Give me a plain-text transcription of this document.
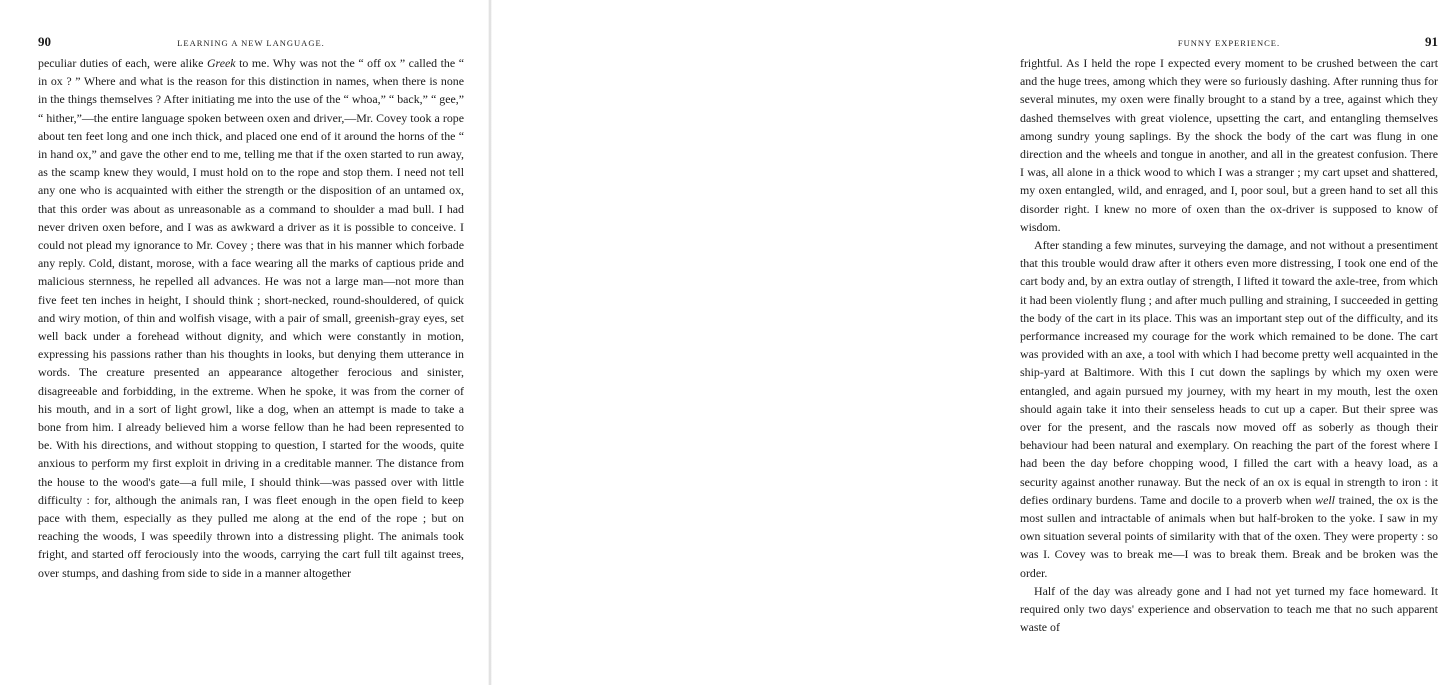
90	LEARNING A NEW LANGUAGE.

peculiar duties of each, were alike Greek to me. Why was not the “ off ox ” called the “ in ox ? ” Where and what is the reason for this distinction in names, when there is none in the things themselves ? After initiating me into the use of the “ whoa,” “ back,” “ gee,” “ hither,”—the entire language spoken between oxen and driver,—Mr. Covey took a rope about ten feet long and one inch thick, and placed one end of it around the horns of the “ in hand ox,” and gave the other end to me, telling me that if the oxen started to run away, as the scamp knew they would, I must hold on to the rope and stop them. I need not tell any one who is acquainted with either the strength or the disposition of an untamed ox, that this order was about as unreasonable as a command to shoulder a mad bull. I had never driven oxen before, and I was as awkward a driver as it is possible to conceive. I could not plead my ignorance to Mr. Covey ; there was that in his manner which forbade any reply. Cold, distant, morose, with a face wearing all the marks of captious pride and malicious sternness, he repelled all advances. He was not a large man—not more than five feet ten inches in height, I should think ; short-necked, round-shouldered, of quick and wiry motion, of thin and wolfish visage, with a pair of small, greenish-gray eyes, set well back under a forehead without dignity, and which were constantly in motion, expressing his passions rather than his thoughts in looks, but denying them utterance in words. The creature presented an appearance altogether ferocious and sinister, disagreeable and forbidding, in the extreme. When he spoke, it was from the corner of his mouth, and in a sort of light growl, like a dog, when an attempt is made to take a bone from him. I already believed him a worse fellow than he had been represented to be. With his directions, and without stopping to question, I started for the woods, quite anxious to perform my first exploit in driving in a creditable manner. The distance from the house to the wood's gate—a full mile, I should think—was passed over with little difficulty : for, although the animals ran, I was fleet enough in the open field to keep pace with them, especially as they pulled me along at the end of the rope ; but on reaching the woods, I was speedily thrown into a distressing plight. The animals took fright, and started off ferociously into the woods, carrying the cart full tilt against trees, over stumps, and dashing from side to side in a manner altogether

FUNNY EXPERIENCE.	91

frightful. As I held the rope I expected every moment to be crushed between the cart and the huge trees, among which they were so furiously dashing. After running thus for several minutes, my oxen were finally brought to a stand by a tree, against which they dashed themselves with great violence, upsetting the cart, and entangling themselves among sundry young saplings. By the shock the body of the cart was flung in one direction and the wheels and tongue in another, and all in the greatest confusion. There I was, all alone in a thick wood to which I was a stranger ; my cart upset and shattered, my oxen entangled, wild, and enraged, and I, poor soul, but a green hand to set all this disorder right. I knew no more of oxen than the ox-driver is supposed to know of wisdom.

After standing a few minutes, surveying the damage, and not without a presentiment that this trouble would draw after it others even more distressing, I took one end of the cart body and, by an extra outlay of strength, I lifted it toward the axle-tree, from which it had been violently flung ; and after much pulling and straining, I succeeded in getting the body of the cart in its place. This was an important step out of the difficulty, and its performance increased my courage for the work which remained to be done. The cart was provided with an axe, a tool with which I had become pretty well acquainted in the ship-yard at Baltimore. With this I cut down the saplings by which my oxen were entangled, and again pursued my journey, with my heart in my mouth, lest the oxen should again take it into their senseless heads to cut up a caper. But their spree was over for the present, and the rascals now moved off as soberly as though their behaviour had been natural and exemplary. On reaching the part of the forest where I had been the day before chopping wood, I filled the cart with a heavy load, as a security against another runaway. But the neck of an ox is equal in strength to iron : it defies ordinary burdens. Tame and docile to a proverb when well trained, the ox is the most sullen and intractable of animals when but half-broken to the yoke. I saw in my own situation several points of similarity with that of the oxen. They were property : so was I. Covey was to break me—I was to break them. Break and be broken was the order.

Half of the day was already gone and I had not yet turned my face homeward. It required only two days' experience and observation to teach me that no such apparent waste of
